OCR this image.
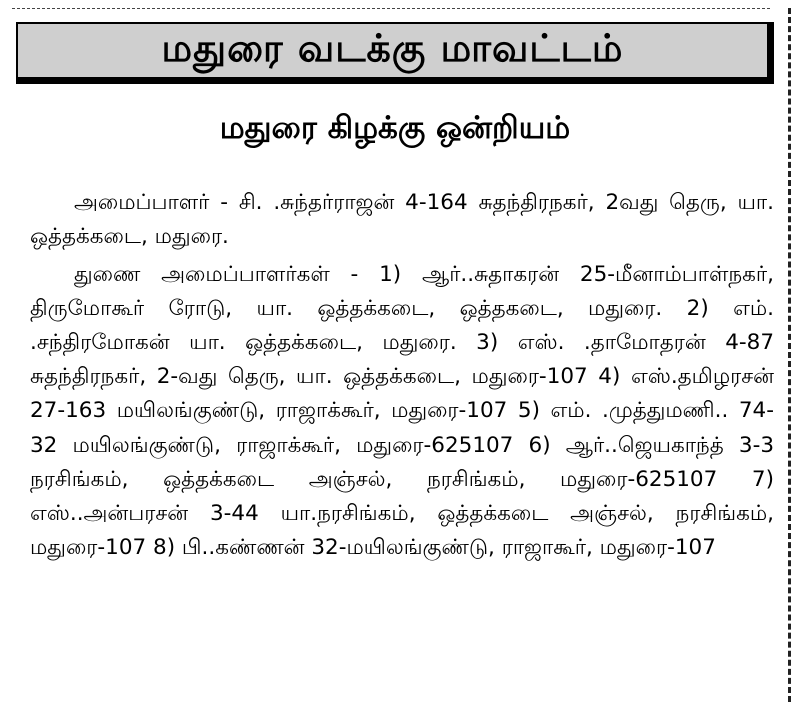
மதுரை வடக்கு மாவட்டம்
மதுரை கிழக்கு ஒன்றியம்

அமைப்பாளர் - சி. .சுந்தர்ராஜன் 4-164 சுதந்திரநகர், 2வது தெரு, யா. ஒத்தக்கடை, மதுரை.

துணை அமைப்பாளர்கள் - 1) ஆர்..சுதாகரன் 25-மீனாம்பாள்நகர், திருமோகூர் ரோடு, யா. ஒத்தக்கடை, ஒத்தகடை, மதுரை. 2) எம். .சந்திரமோகன் யா. ஒத்தக்கடை, மதுரை. 3) எஸ். .தாமோதரன் 4-87 சுதந்திரநகர், 2-வது தெரு, யா. ஒத்தக்கடை, மதுரை-107 4) எஸ்.தமிழரசன் 27-163 மயிலங்குண்டு, ராஜாக்கூர், மதுரை-107 5) எம். .முத்துமணி.. 74-32 மயிலங்குண்டு, ராஜாக்கூர், மதுரை-625107 6) ஆர்..ஜெயகாந்த் 3-3 நரசிங்கம், ஒத்தக்கடை அஞ்சல், நரசிங்கம், மதுரை-625107 7) எஸ்..அன்பரசன் 3-44 யா.நரசிங்கம், ஒத்தக்கடை அஞ்சல், நரசிங்கம், மதுரை-107 8) பி..கண்ணன் 32-மயிலங்குண்டு, ராஜாகூர், மதுரை-107
